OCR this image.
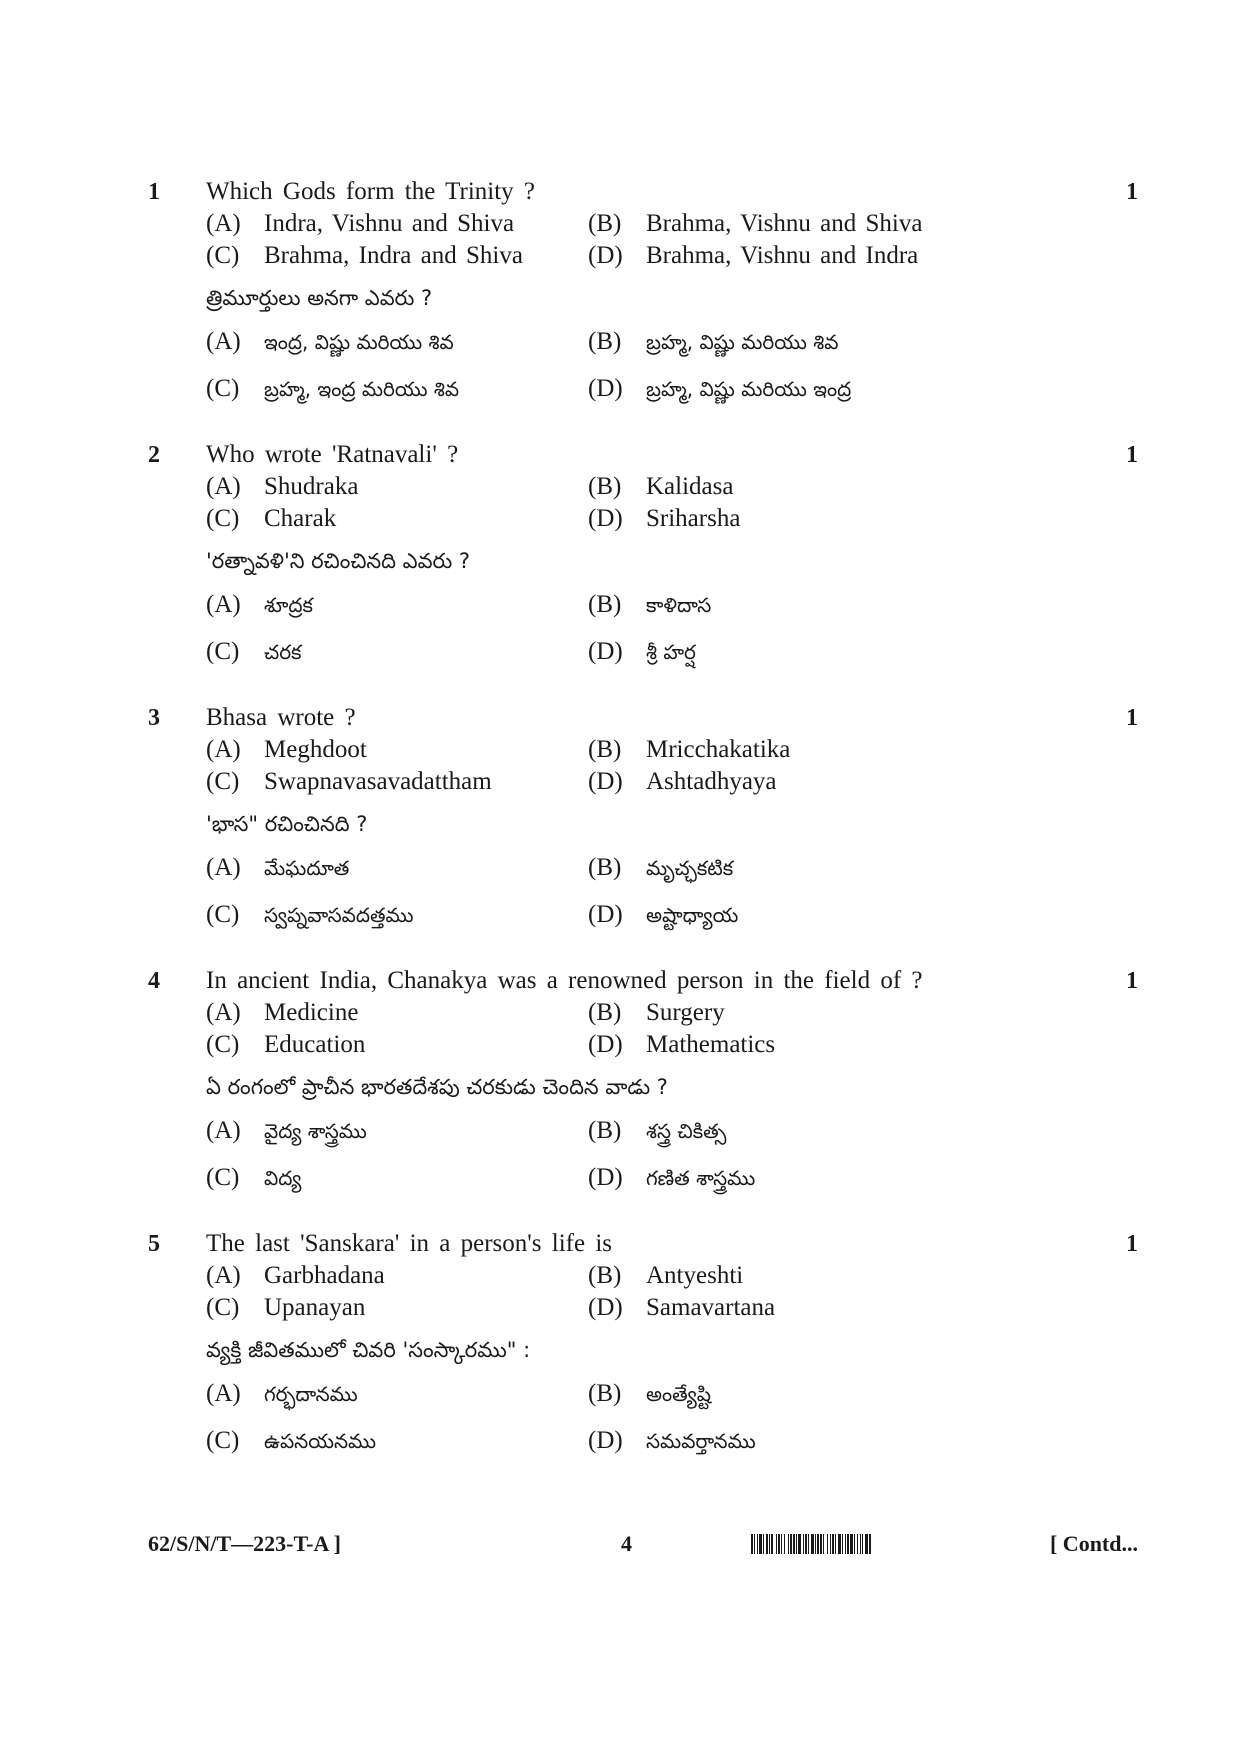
1	1
Which Gods form the Trinity ?
(A) Indra, Vishnu and Shiva	(B) Brahma, Vishnu and Shiva
(C) Brahma, Indra and Shiva	(D) Brahma, Vishnu and Indra
త్రిమూర్తులు అనగా ఎవరు ?
(A) ఇంద్ర, విష్ణు మరియు శివ	(B) బ్రహ్మ, విష్ణు మరియు శివ
(C) బ్రహ్మ, ఇంద్ర మరియు శివ	(D) బ్రహ్మ, విష్ణు మరియు ఇంద్ర
2	1
Who wrote 'Ratnavali' ?
(A) Shudraka	(B) Kalidasa
(C) Charak	(D) Sriharsha
'రత్నావళి'ని రచించినది ఎవరు ?
(A) శూద్రక	(B) కాళిదాస
(C) చరక	(D) శ్రీ హర్ష
3	1
Bhasa wrote ?
(A) Meghdoot	(B) Mricchakatika
(C) Swapnavasavadattham	(D) Ashtadhyaya
'భాస" రచించినది ?
(A) మేఘదూత	(B) మృచ్ఛకటిక
(C) స్వప్నవాసవదత్తము	(D) అష్టాధ్యాయ
4	1
In ancient India, Chanakya was a renowned person in the field of ?
(A) Medicine	(B) Surgery
(C) Education	(D) Mathematics
ఏ రంగంలో ప్రాచీన భారతదేశపు చరకుడు చెందిన వాడు ?
(A) వైద్య శాస్త్రము	(B) శస్త్ర చికిత్స
(C) విద్య	(D) గణిత శాస్త్రము
5	1
The last 'Sanskara' in a person's life is
(A) Garbhadana	(B) Antyeshti
(C) Upanayan	(D) Samavartana
వ్యక్తి జీవితములో చివరి 'సంస్కారము" :
(A) గర్భదానము	(B) అంత్యేష్టి
(C) ఉపనయనము	(D) సమవర్తానము
62/S/N/T—223-T-A ]	4	[ Contd...
